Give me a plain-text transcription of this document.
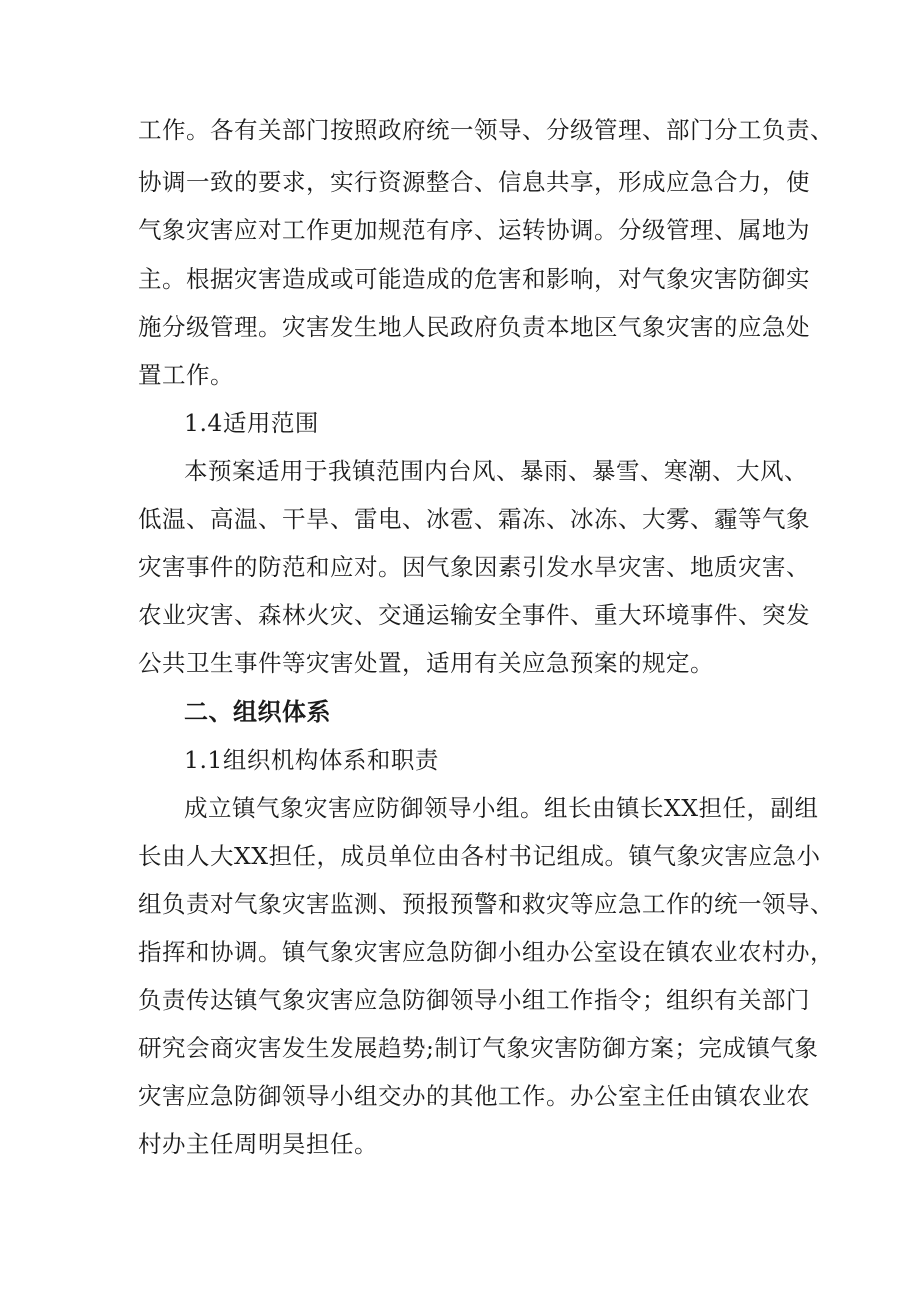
工作。各有关部门按照政府统一领导、分级管理、部门分工负责、
协调一致的要求，实行资源整合、信息共享，形成应急合力，使
气象灾害应对工作更加规范有序、运转协调。分级管理、属地为
主。根据灾害造成或可能造成的危害和影响，对气象灾害防御实
施分级管理。灾害发生地人民政府负责本地区气象灾害的应急处
置工作。
1.4适用范围
本预案适用于我镇范围内台风、暴雨、暴雪、寒潮、大风、
低温、高温、干旱、雷电、冰雹、霜冻、冰冻、大雾、霾等气象
灾害事件的防范和应对。因气象因素引发水旱灾害、地质灾害、
农业灾害、森林火灾、交通运输安全事件、重大环境事件、突发
公共卫生事件等灾害处置，适用有关应急预案的规定。
二、组织体系
1.1组织机构体系和职责
成立镇气象灾害应防御领导小组。组长由镇长XX担任，副组
长由人大XX担任，成员单位由各村书记组成。镇气象灾害应急小
组负责对气象灾害监测、预报预警和救灾等应急工作的统一领导、
指挥和协调。镇气象灾害应急防御小组办公室设在镇农业农村办，
负责传达镇气象灾害应急防御领导小组工作指令；组织有关部门
研究会商灾害发生发展趋势;制订气象灾害防御方案；完成镇气象
灾害应急防御领导小组交办的其他工作。办公室主任由镇农业农
村办主任周明昊担任。
